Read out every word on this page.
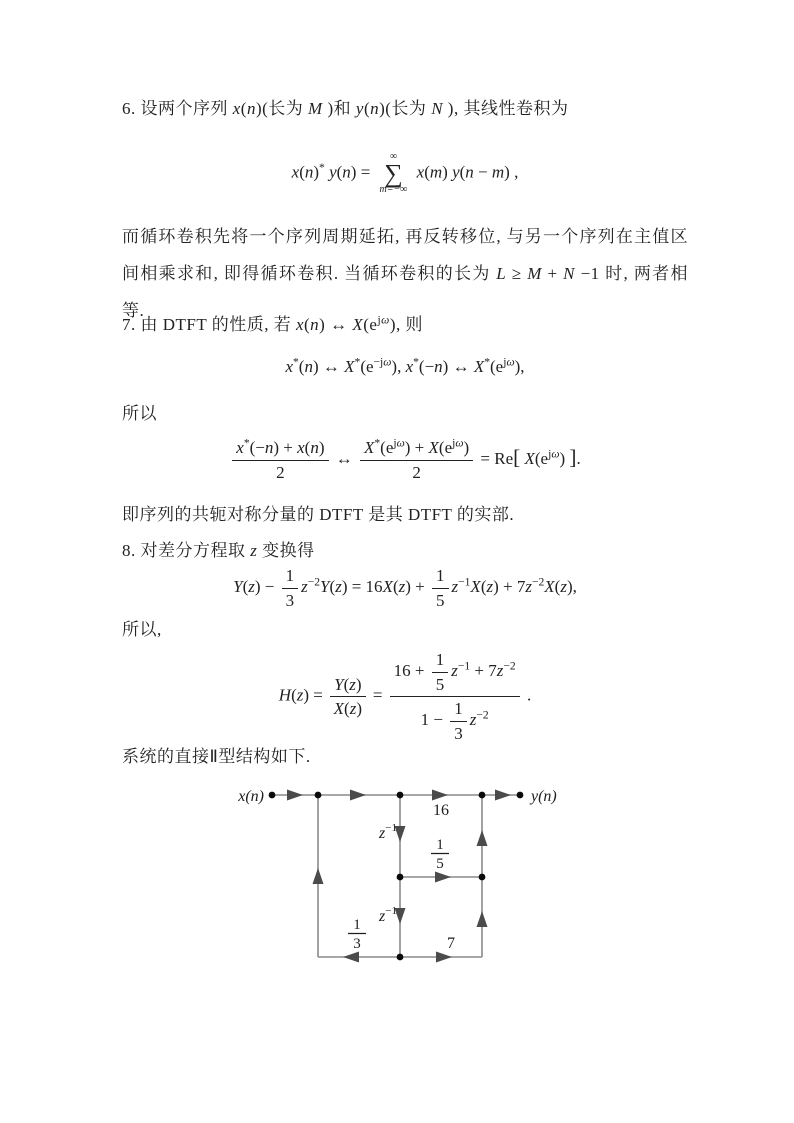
6. 设两个序列 x(n)(长为 M )和 y(n)(长为 N ), 其线性卷积为
x(n)* y(n) =
∞
∑
m=−∞
x(m) y(n − m) ,
而循环卷积先将一个序列周期延拓, 再反转移位, 与另一个序列在主值区
间相乘求和, 即得循环卷积. 当循环卷积的长为 L ≥ M + N −1 时, 两者相
等.
7. 由 DTFT 的性质, 若 x(n) ↔ $X(e^{j\omega})$, 则
x*(n) ↔ $X^*(e^{-j\omega})$, x*(−n) ↔ $X^*(e^{j\omega})$,
所以
$\frac{x^*(-n) + x(n)}{2}$ ↔ $\frac{X^*(e^{j\omega}) + X(e^{j\omega})}{2} = Re$[ $X(e^{j\omega})$ ].
即序列的共轭对称分量的 DTFT 是其 DTFT 的实部.
8. 对差分方程取 z 变换得
$Y(z) - \frac{1}{3} z^{-2}Y(z) = 16X(z) + \frac{1}{5} z^{-1}X(z) + 7z^{-2}X(z)$,
所以,
$H(z) = \frac{Y(z)}{X(z)} = \frac{16 + \frac{1}{5} z^{-1} + 7z^{-2}}{1 - \frac{1}{3} z^{-2}}$ .
系统的直接Ⅱ型结构如下.
x(n)	y(n)
16
$z^{-1}$
1
5
$z^{-1}$
1
3	7
